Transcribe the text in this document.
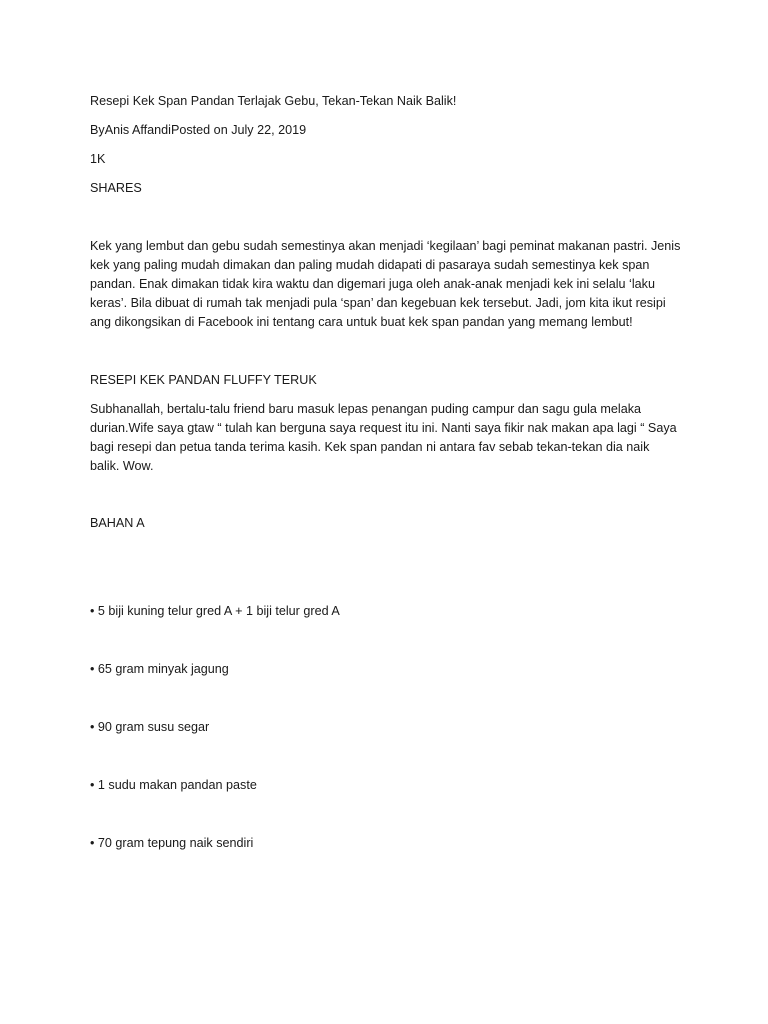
Resepi Kek Span Pandan Terlajak Gebu, Tekan-Tekan Naik Balik!

ByAnis AffandiPosted on July 22, 2019

1K

SHARES

Kek yang lembut dan gebu sudah semestinya akan menjadi ‘kegilaan’ bagi peminat makanan pastri. Jenis

kek yang paling mudah dimakan dan paling mudah didapati di pasaraya sudah semestinya kek span

pandan. Enak dimakan tidak kira waktu dan digemari juga oleh anak-anak menjadi kek ini selalu ‘laku

keras’. Bila dibuat di rumah tak menjadi pula ‘span’ dan kegebuan kek tersebut. Jadi, jom kita ikut resipi

ang dikongsikan di Facebook ini tentang cara untuk buat kek span pandan yang memang lembut!

RESEPI KEK PANDAN FLUFFY TERUK

Subhanallah, bertalu-talu friend baru masuk lepas penangan puding campur dan sagu gula melaka

durian.Wife saya gtaw “ tulah kan berguna saya request itu ini. Nanti saya fikir nak makan apa lagi “ Saya

bagi resepi dan petua tanda terima kasih. Kek span pandan ni antara fav sebab tekan-tekan dia naik

balik. Wow.

BAHAN A

• 5 biji kuning telur gred A + 1 biji telur gred A

• 65 gram minyak jagung

• 90 gram susu segar

• 1 sudu makan pandan paste

• 70 gram tepung naik sendiri
